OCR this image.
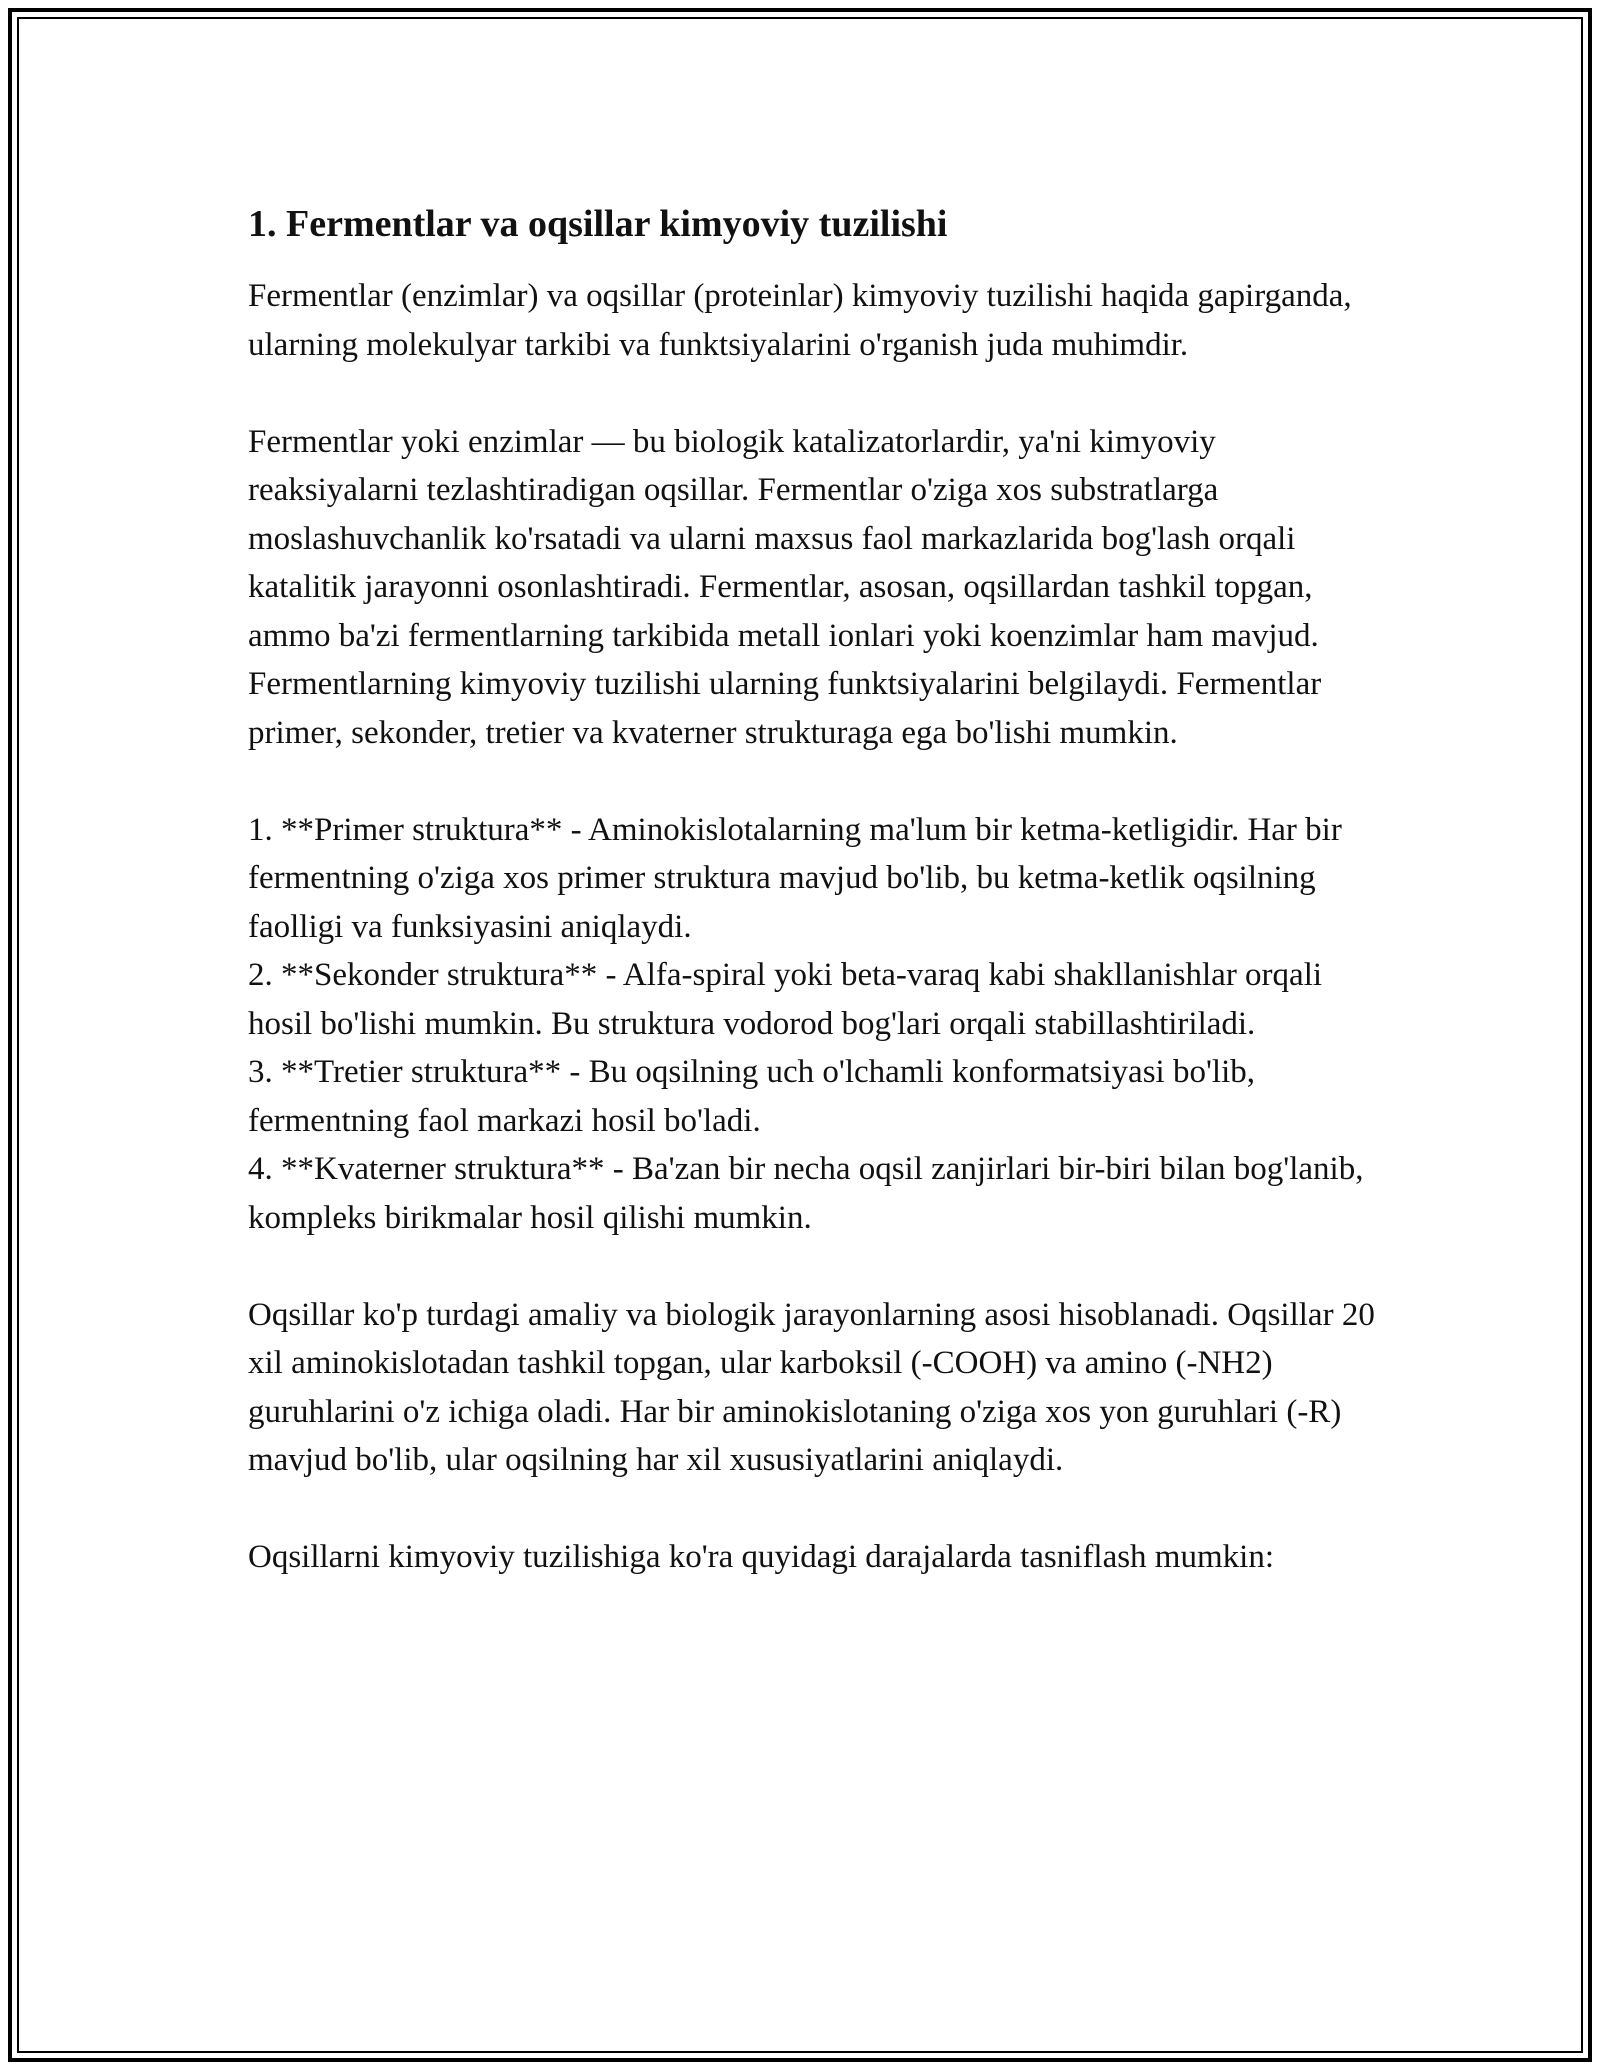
1. Fermentlar va oqsillar kimyoviy tuzilishi

Fermentlar (enzimlar) va oqsillar (proteinlar) kimyoviy tuzilishi haqida gapirganda, ularning molekulyar tarkibi va funktsiyalarini o'rganish juda muhimdir.

Fermentlar yoki enzimlar — bu biologik katalizatorlardir, ya'ni kimyoviy reaksiyalarni tezlashtiradigan oqsillar. Fermentlar o'ziga xos substratlarga moslashuvchanlik ko'rsatadi va ularni maxsus faol markazlarida bog'lash orqali katalitik jarayonni osonlashtiradi. Fermentlar, asosan, oqsillardan tashkil topgan, ammo ba'zi fermentlarning tarkibida metall ionlari yoki koenzimlar ham mavjud. Fermentlarning kimyoviy tuzilishi ularning funktsiyalarini belgilaydi. Fermentlar primer, sekonder, tretier va kvaterner strukturaga ega bo'lishi mumkin.

1. **Primer struktura** - Aminokislotalarning ma'lum bir ketma-ketligidir. Har bir fermentning o'ziga xos primer struktura mavjud bo'lib, bu ketma-ketlik oqsilning faolligi va funksiyasini aniqlaydi.

2. **Sekonder struktura** - Alfa-spiral yoki beta-varaq kabi shakllanishlar orqali hosil bo'lishi mumkin. Bu struktura vodorod bog'lari orqali stabillashtiriladi.

3. **Tretier struktura** - Bu oqsilning uch o'lchamli konformatsiyasi bo'lib, fermentning faol markazi hosil bo'ladi.

4. **Kvaterner struktura** - Ba'zan bir necha oqsil zanjirlari bir-biri bilan bog'lanib, kompleks birikmalar hosil qilishi mumkin.

Oqsillar ko'p turdagi amaliy va biologik jarayonlarning asosi hisoblanadi. Oqsillar 20 xil aminokislotadan tashkil topgan, ular karboksil (-COOH) va amino (-NH2) guruhlarini o'z ichiga oladi. Har bir aminokislotaning o'ziga xos yon guruhlari (-R) mavjud bo'lib, ular oqsilning har xil xususiyatlarini aniqlaydi.

Oqsillarni kimyoviy tuzilishiga ko'ra quyidagi darajalarda tasniflash mumkin:
